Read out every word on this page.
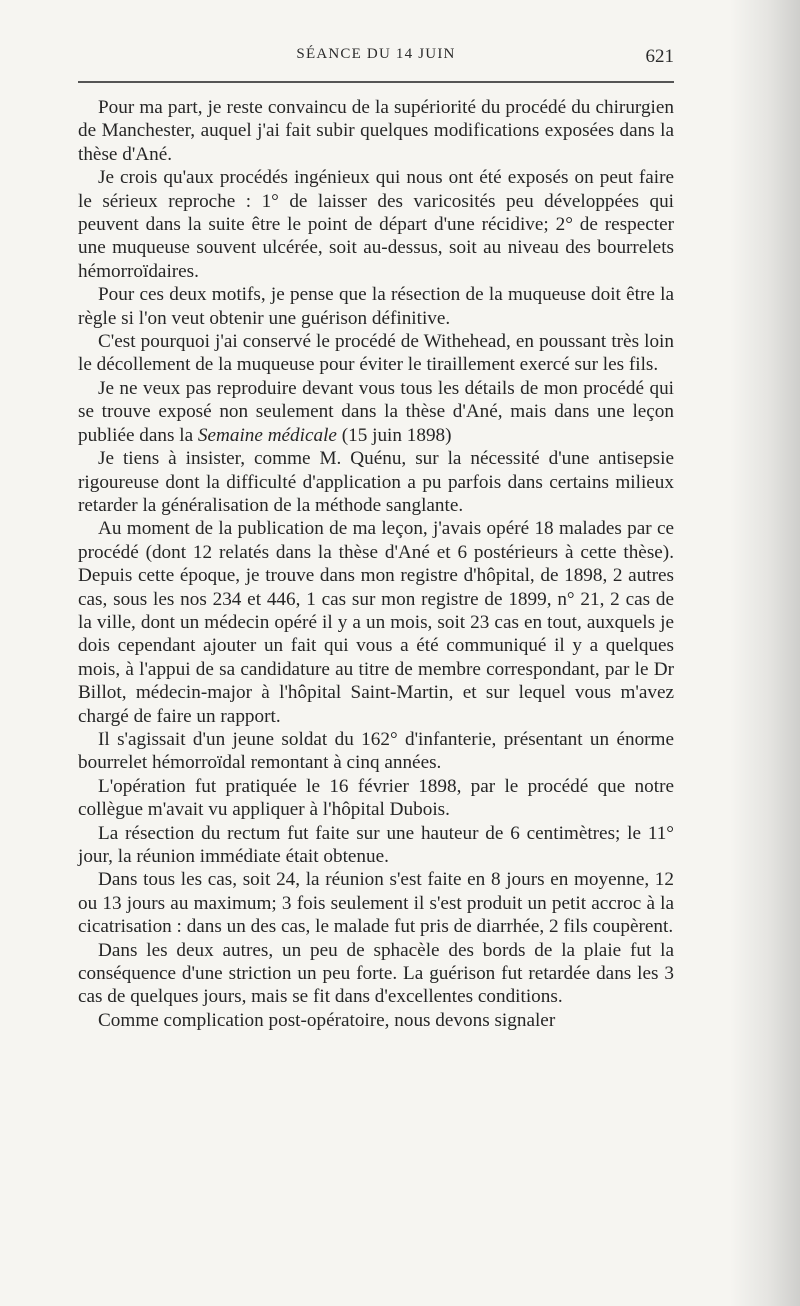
SÉANCE DU 14 JUIN	621

Pour ma part, je reste convaincu de la supériorité du procédé du chirurgien de Manchester, auquel j'ai fait subir quelques modifications exposées dans la thèse d'Ané.

Je crois qu'aux procédés ingénieux qui nous ont été exposés on peut faire le sérieux reproche : 1° de laisser des varicosités peu développées qui peuvent dans la suite être le point de départ d'une récidive; 2° de respecter une muqueuse souvent ulcérée, soit au-dessus, soit au niveau des bourrelets hémorroïdaires.

Pour ces deux motifs, je pense que la résection de la muqueuse doit être la règle si l'on veut obtenir une guérison définitive.

C'est pourquoi j'ai conservé le procédé de Withehead, en poussant très loin le décollement de la muqueuse pour éviter le tiraillement exercé sur les fils.

Je ne veux pas reproduire devant vous tous les détails de mon procédé qui se trouve exposé non seulement dans la thèse d'Ané, mais dans une leçon publiée dans la Semaine médicale (15 juin 1898)

Je tiens à insister, comme M. Quénu, sur la nécessité d'une antisepsie rigoureuse dont la difficulté d'application a pu parfois dans certains milieux retarder la généralisation de la méthode sanglante.

Au moment de la publication de ma leçon, j'avais opéré 18 malades par ce procédé (dont 12 relatés dans la thèse d'Ané et 6 postérieurs à cette thèse). Depuis cette époque, je trouve dans mon registre d'hôpital, de 1898, 2 autres cas, sous les nos 234 et 446, 1 cas sur mon registre de 1899, n° 21, 2 cas de la ville, dont un médecin opéré il y a un mois, soit 23 cas en tout, auxquels je dois cependant ajouter un fait qui vous a été communiqué il y a quelques mois, à l'appui de sa candidature au titre de membre correspondant, par le Dr Billot, médecin-major à l'hôpital Saint-Martin, et sur lequel vous m'avez chargé de faire un rapport.

Il s'agissait d'un jeune soldat du 162° d'infanterie, présentant un énorme bourrelet hémorroïdal remontant à cinq années.

L'opération fut pratiquée le 16 février 1898, par le procédé que notre collègue m'avait vu appliquer à l'hôpital Dubois.

La résection du rectum fut faite sur une hauteur de 6 centimètres; le 11° jour, la réunion immédiate était obtenue.

Dans tous les cas, soit 24, la réunion s'est faite en 8 jours en moyenne, 12 ou 13 jours au maximum; 3 fois seulement il s'est produit un petit accroc à la cicatrisation : dans un des cas, le malade fut pris de diarrhée, 2 fils coupèrent.

Dans les deux autres, un peu de sphacèle des bords de la plaie fut la conséquence d'une striction un peu forte. La guérison fut retardée dans les 3 cas de quelques jours, mais se fit dans d'excellentes conditions.

Comme complication post-opératoire, nous devons signaler
